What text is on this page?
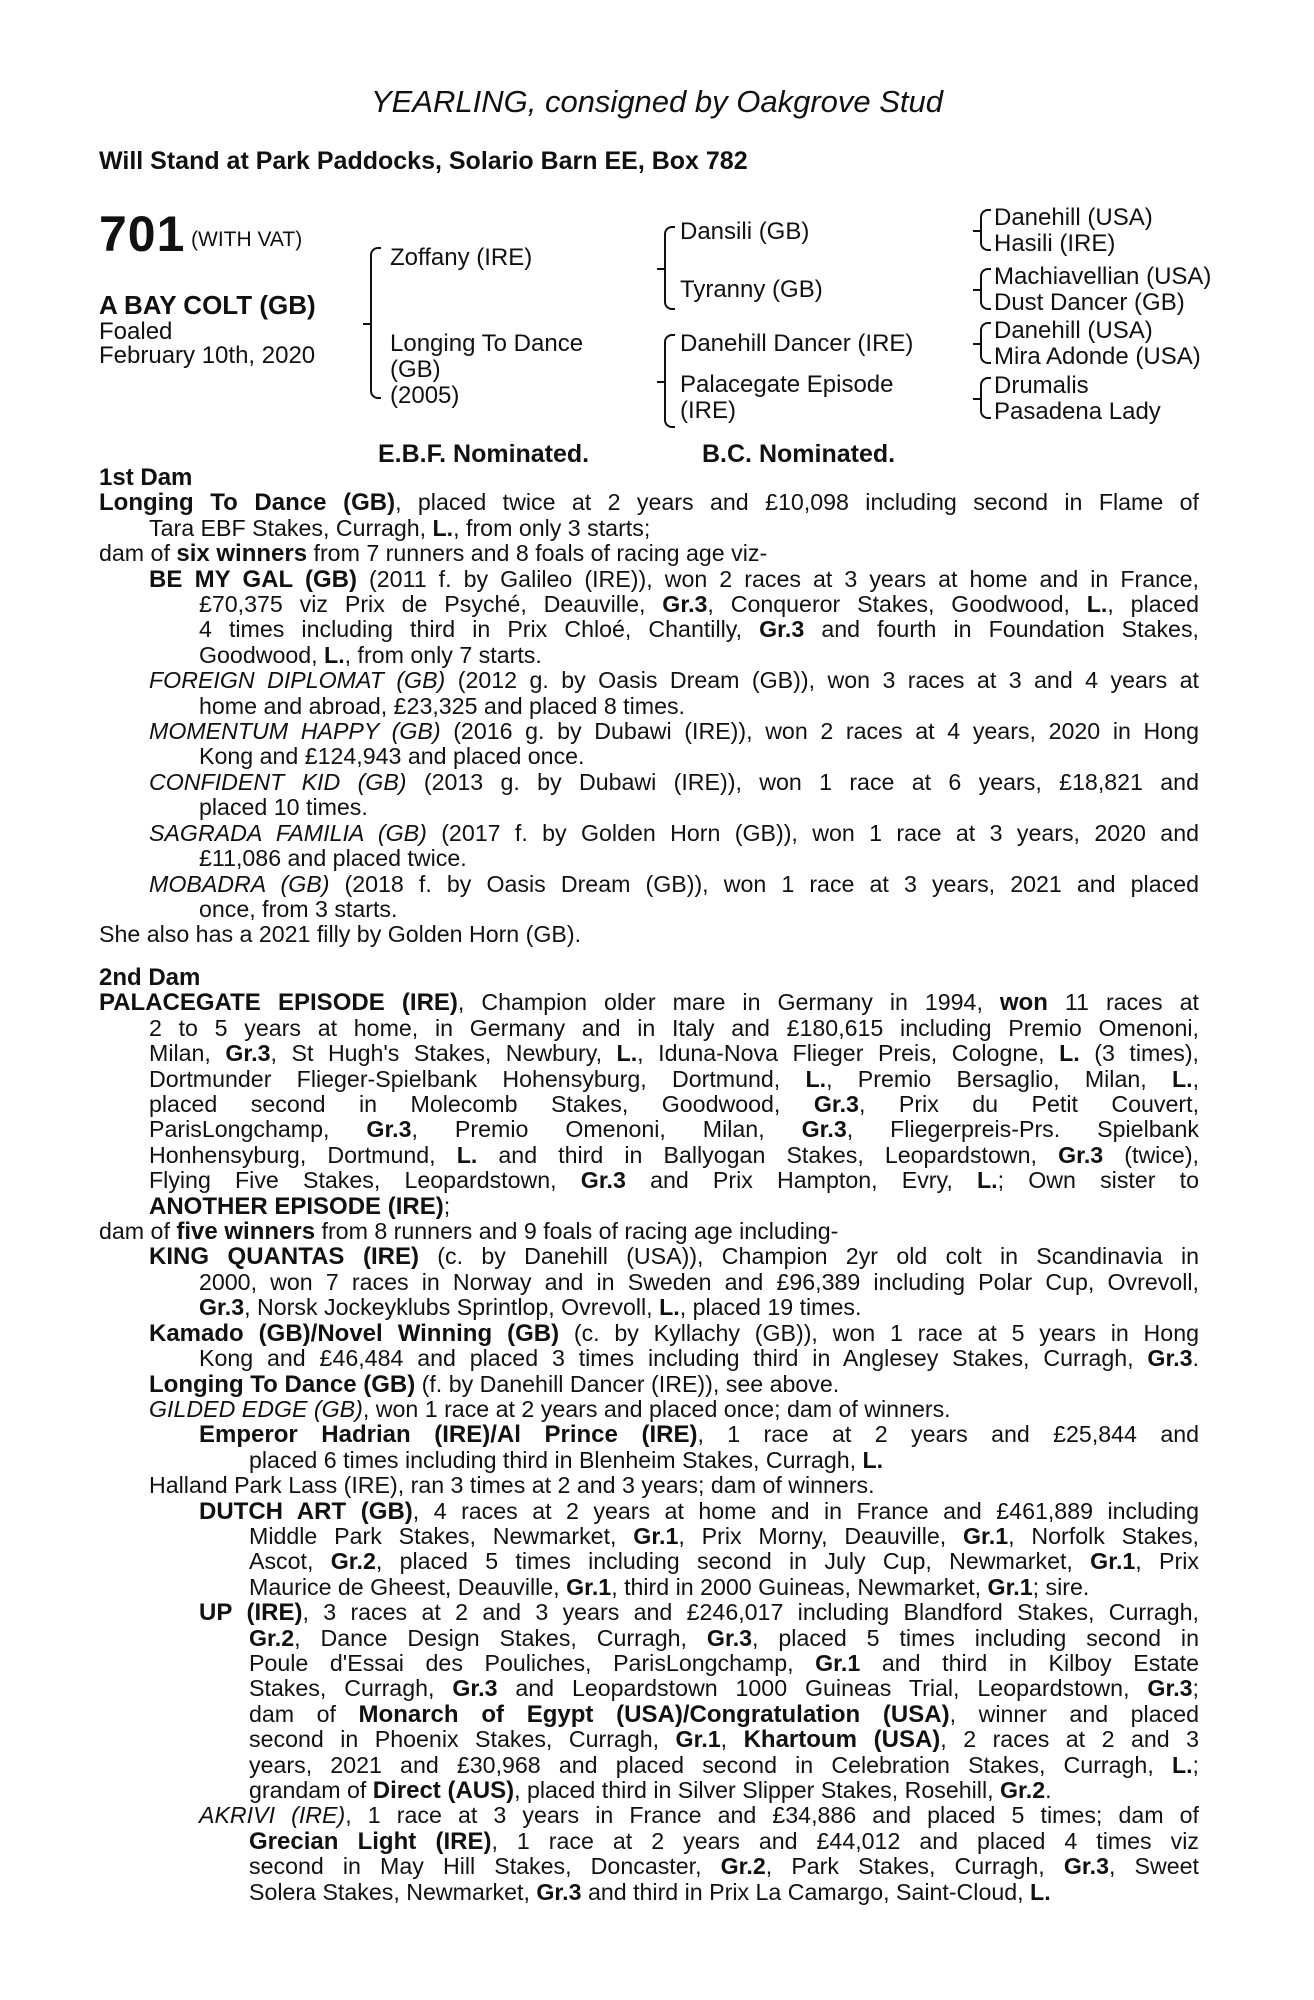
YEARLING, consigned by Oakgrove Stud
Will Stand at Park Paddocks, Solario Barn EE, Box 782
701 (WITH VAT)
A BAY COLT (GB)
Foaled
February 10th, 2020
Zoffany (IRE)
Longing To Dance
(GB)
(2005)
Dansili (GB)
Tyranny (GB)
Danehill Dancer (IRE)
Palacegate Episode
(IRE)
Danehill (USA)
Hasili (IRE)
Machiavellian (USA)
Dust Dancer (GB)
Danehill (USA)
Mira Adonde (USA)
Drumalis
Pasadena Lady
E.B.F. Nominated.	B.C. Nominated.
1st Dam
Longing To Dance (GB), placed twice at 2 years and £10,098 including second in Flame of
Tara EBF Stakes, Curragh, L., from only 3 starts;
dam of six winners from 7 runners and 8 foals of racing age viz-
BE MY GAL (GB) (2011 f. by Galileo (IRE)), won 2 races at 3 years at home and in France,
£70,375 viz Prix de Psyché, Deauville, Gr.3, Conqueror Stakes, Goodwood, L., placed
4 times including third in Prix Chloé, Chantilly, Gr.3 and fourth in Foundation Stakes,
Goodwood, L., from only 7 starts.
FOREIGN DIPLOMAT (GB) (2012 g. by Oasis Dream (GB)), won 3 races at 3 and 4 years at
home and abroad, £23,325 and placed 8 times.
MOMENTUM HAPPY (GB) (2016 g. by Dubawi (IRE)), won 2 races at 4 years, 2020 in Hong
Kong and £124,943 and placed once.
CONFIDENT KID (GB) (2013 g. by Dubawi (IRE)), won 1 race at 6 years, £18,821 and
placed 10 times.
SAGRADA FAMILIA (GB) (2017 f. by Golden Horn (GB)), won 1 race at 3 years, 2020 and
£11,086 and placed twice.
MOBADRA (GB) (2018 f. by Oasis Dream (GB)), won 1 race at 3 years, 2021 and placed
once, from 3 starts.
She also has a 2021 filly by Golden Horn (GB).
2nd Dam
PALACEGATE EPISODE (IRE), Champion older mare in Germany in 1994, won 11 races at
2 to 5 years at home, in Germany and in Italy and £180,615 including Premio Omenoni,
Milan, Gr.3, St Hugh's Stakes, Newbury, L., Iduna-Nova Flieger Preis, Cologne, L. (3 times),
Dortmunder Flieger-Spielbank Hohensyburg, Dortmund, L., Premio Bersaglio, Milan, L.,
placed second in Molecomb Stakes, Goodwood, Gr.3, Prix du Petit Couvert,
ParisLongchamp, Gr.3, Premio Omenoni, Milan, Gr.3, Fliegerpreis-Prs. Spielbank
Honhensyburg, Dortmund, L. and third in Ballyogan Stakes, Leopardstown, Gr.3 (twice),
Flying Five Stakes, Leopardstown, Gr.3 and Prix Hampton, Evry, L.; Own sister to
ANOTHER EPISODE (IRE);
dam of five winners from 8 runners and 9 foals of racing age including-
KING QUANTAS (IRE) (c. by Danehill (USA)), Champion 2yr old colt in Scandinavia in
2000, won 7 races in Norway and in Sweden and £96,389 including Polar Cup, Ovrevoll,
Gr.3, Norsk Jockeyklubs Sprintlop, Ovrevoll, L., placed 19 times.
Kamado (GB)/Novel Winning (GB) (c. by Kyllachy (GB)), won 1 race at 5 years in Hong
Kong and £46,484 and placed 3 times including third in Anglesey Stakes, Curragh, Gr.3.
Longing To Dance (GB) (f. by Danehill Dancer (IRE)), see above.
GILDED EDGE (GB), won 1 race at 2 years and placed once; dam of winners.
Emperor Hadrian (IRE)/Al Prince (IRE), 1 race at 2 years and £25,844 and
placed 6 times including third in Blenheim Stakes, Curragh, L.
Halland Park Lass (IRE), ran 3 times at 2 and 3 years; dam of winners.
DUTCH ART (GB), 4 races at 2 years at home and in France and £461,889 including
Middle Park Stakes, Newmarket, Gr.1, Prix Morny, Deauville, Gr.1, Norfolk Stakes,
Ascot, Gr.2, placed 5 times including second in July Cup, Newmarket, Gr.1, Prix
Maurice de Gheest, Deauville, Gr.1, third in 2000 Guineas, Newmarket, Gr.1; sire.
UP (IRE), 3 races at 2 and 3 years and £246,017 including Blandford Stakes, Curragh,
Gr.2, Dance Design Stakes, Curragh, Gr.3, placed 5 times including second in
Poule d'Essai des Pouliches, ParisLongchamp, Gr.1 and third in Kilboy Estate
Stakes, Curragh, Gr.3 and Leopardstown 1000 Guineas Trial, Leopardstown, Gr.3;
dam of Monarch of Egypt (USA)/Congratulation (USA), winner and placed
second in Phoenix Stakes, Curragh, Gr.1, Khartoum (USA), 2 races at 2 and 3
years, 2021 and £30,968 and placed second in Celebration Stakes, Curragh, L.;
grandam of Direct (AUS), placed third in Silver Slipper Stakes, Rosehill, Gr.2.
AKRIVI (IRE), 1 race at 3 years in France and £34,886 and placed 5 times; dam of
Grecian Light (IRE), 1 race at 2 years and £44,012 and placed 4 times viz
second in May Hill Stakes, Doncaster, Gr.2, Park Stakes, Curragh, Gr.3, Sweet
Solera Stakes, Newmarket, Gr.3 and third in Prix La Camargo, Saint-Cloud, L.
